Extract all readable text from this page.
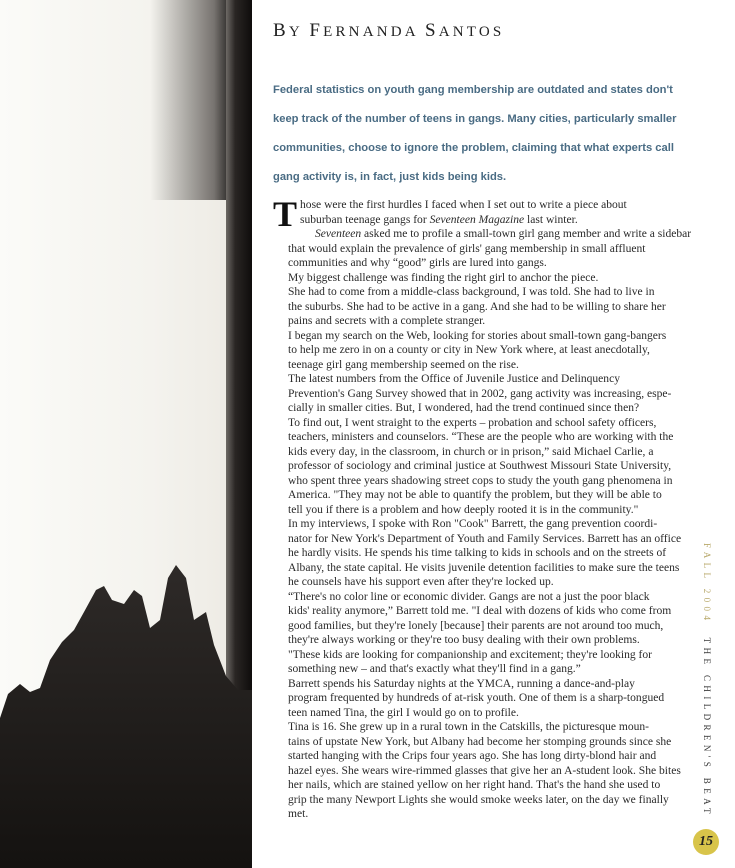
BY FERNANDA SANTOS
Federal statistics on youth gang membership are outdated and states don't keep track of the number of teens in gangs. Many cities, particularly smaller communities, choose to ignore the problem, claiming that what experts call gang activity is, in fact, just kids being kids.

T hose were the first hurdles I faced when I set out to write a piece about
suburban teenage gangs for Seventeen Magazine last winter.

Seventeen asked me to profile a small-town girl gang member and write a sidebar
that would explain the prevalence of girls' gang membership in small affluent
communities and why “good” girls are lured into gangs.

My biggest challenge was finding the right girl to anchor the piece.

She had to come from a middle-class background, I was told. She had to live in
the suburbs. She had to be active in a gang. And she had to be willing to share her
pains and secrets with a complete stranger.

I began my search on the Web, looking for stories about small-town gang-bangers
to help me zero in on a county or city in New York where, at least anecdotally,
teenage girl gang membership seemed on the rise.

The latest numbers from the Office of Juvenile Justice and Delinquency
Prevention's Gang Survey showed that in 2002, gang activity was increasing, espe-
cially in smaller cities. But, I wondered, had the trend continued since then?

To find out, I went straight to the experts – probation and school safety officers,
teachers, ministers and counselors. “These are the people who are working with the
kids every day, in the classroom, in church or in prison,” said Michael Carlie, a
professor of sociology and criminal justice at Southwest Missouri State University,
who spent three years shadowing street cops to study the youth gang phenomena in
America. "They may not be able to quantify the problem, but they will be able to
tell you if there is a problem and how deeply rooted it is in the community."

In my interviews, I spoke with Ron "Cook" Barrett, the gang prevention coordi-
nator for New York's Department of Youth and Family Services. Barrett has an office
he hardly visits. He spends his time talking to kids in schools and on the streets of
Albany, the state capital. He visits juvenile detention facilities to make sure the teens
he counsels have his support even after they're locked up.

“There's no color line or economic divider. Gangs are not a just the poor black
kids' reality anymore,” Barrett told me. "I deal with dozens of kids who come from
good families, but they're lonely [because] their parents are not around too much,
they're always working or they're too busy dealing with their own problems.

"These kids are looking for companionship and excitement; they're looking for
something new – and that's exactly what they'll find in a gang.”

Barrett spends his Saturday nights at the YMCA, running a dance-and-play
program frequented by hundreds of at-risk youth. One of them is a sharp-tongued
teen named Tina, the girl I would go on to profile.

Tina is 16. She grew up in a rural town in the Catskills, the picturesque moun-
tains of upstate New York, but Albany had become her stomping grounds since she
started hanging with the Crips four years ago. She has long dirty-blond hair and
hazel eyes. She wears wire-rimmed glasses that give her an A-student look. She bites
her nails, which are stained yellow on her right hand. That's the hand she used to
grip the many Newport Lights she would smoke weeks later, on the day we finally
met.

FALL 2004  THE CHILDREN'S BEAT
15
